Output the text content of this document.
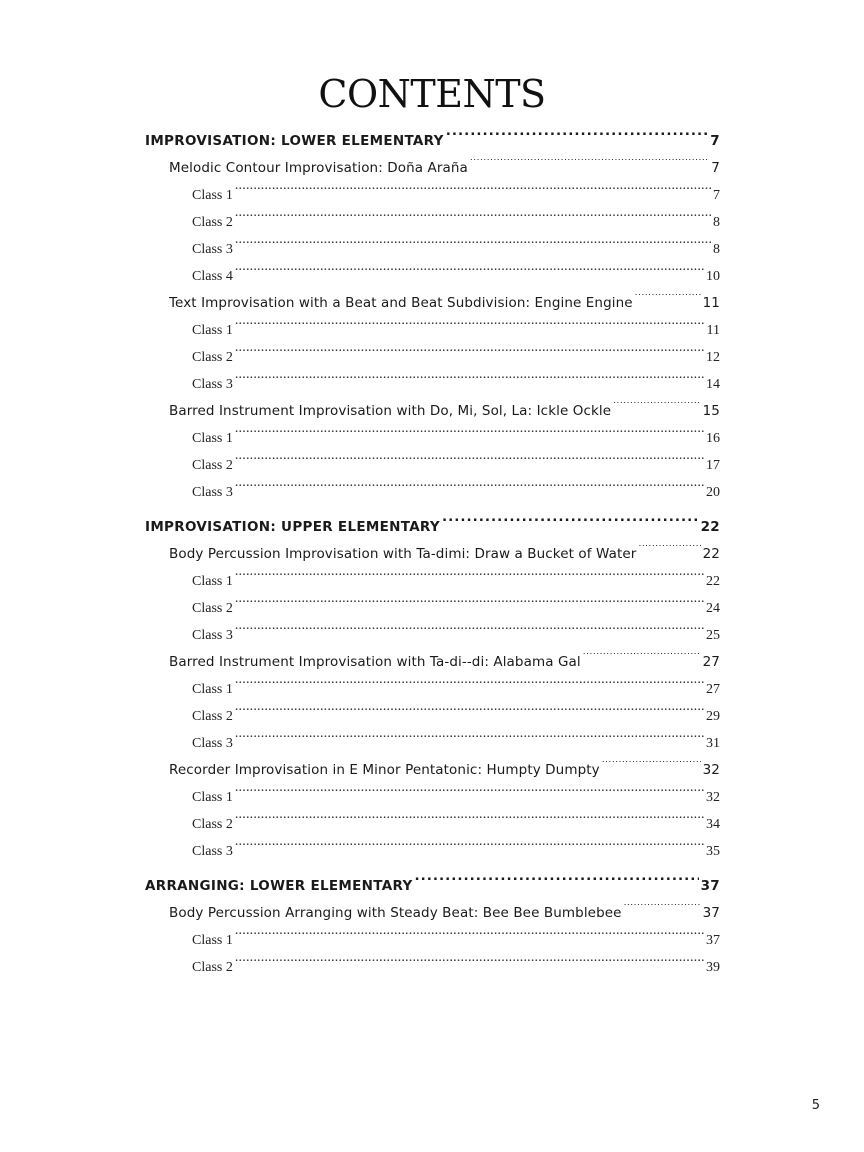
CONTENTS
IMPROVISATION: LOWER ELEMENTARY .....	7
Melodic Contour Improvisation: Doña Araña .....	7
Class 1 .....	7
Class 2 .....	8
Class 3 .....	8
Class 4 .....	10
Text Improvisation with a Beat and Beat Subdivision: Engine Engine .....	11
Class 1 .....	11
Class 2 .....	12
Class 3 .....	14
Barred Instrument Improvisation with Do, Mi, Sol, La: Ickle Ockle .....	15
Class 1 .....	16
Class 2 .....	17
Class 3 .....	20
IMPROVISATION: UPPER ELEMENTARY .....	22
Body Percussion Improvisation with Ta-dimi: Draw a Bucket of Water .....	22
Class 1 .....	22
Class 2 .....	24
Class 3 .....	25
Barred Instrument Improvisation with Ta-di--di: Alabama Gal .....	27
Class 1 .....	27
Class 2 .....	29
Class 3 .....	31
Recorder Improvisation in E Minor Pentatonic: Humpty Dumpty .....	32
Class 1 .....	32
Class 2 .....	34
Class 3 .....	35
ARRANGING: LOWER ELEMENTARY .....	37
Body Percussion Arranging with Steady Beat: Bee Bee Bumblebee .....	37
Class 1 .....	37
Class 2 .....	39
5
